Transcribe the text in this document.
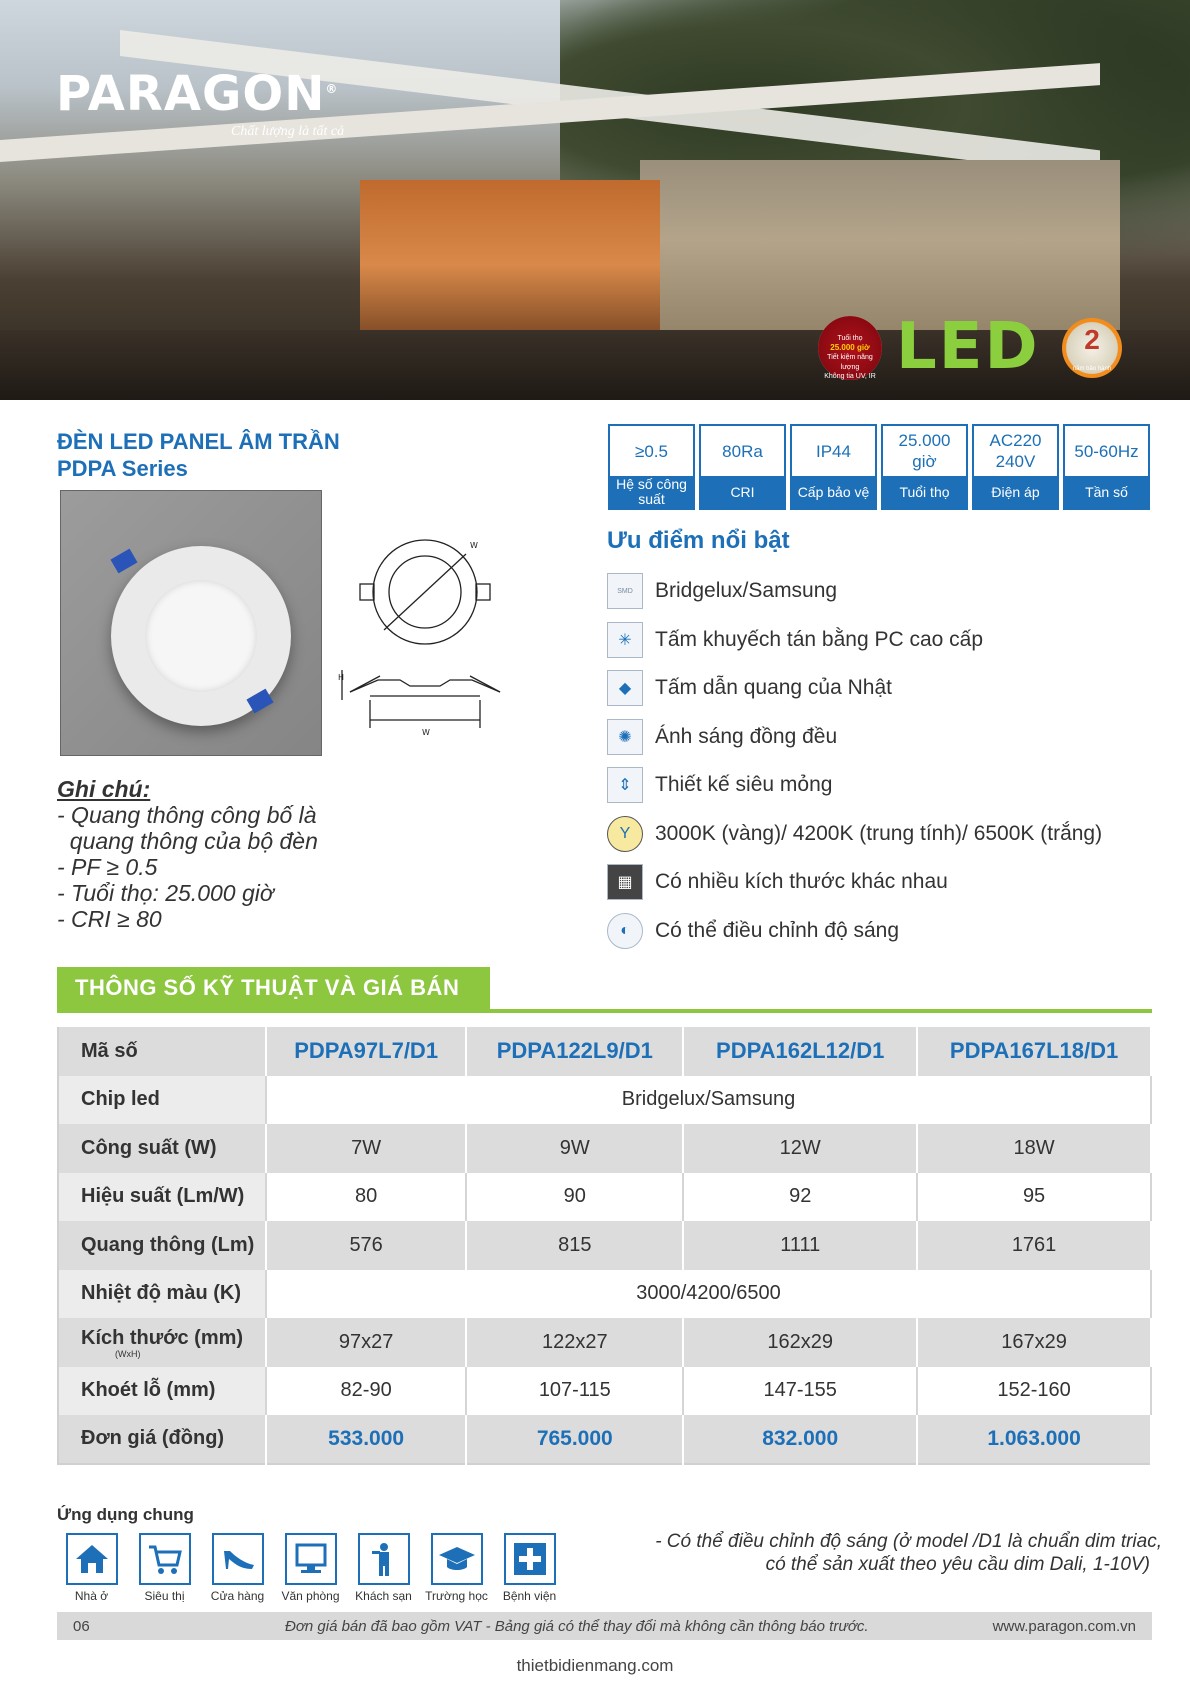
PARAGON®
Chất lượng là tất cả
Tuổi thọ
25.000 giờ
Tiết kiệm năng lượng
Không tia UV, IR LED	2
năm bảo hành
ĐÈN LED PANEL ÂM TRẦN
PDPA Series
≥0.5
Hệ số công suất
80Ra
CRI
IP44
Cấp bảo vệ
25.000 giờ
Tuổi thọ
AC220 240V
Điện áp
50-60Hz
Tần số
W
W
H
Ghi chú:
- Quang thông công bố là
quang thông của bộ đèn
- PF ≥ 0.5
- Tuổi thọ: 25.000 giờ
- CRI ≥ 80
Ưu điểm nổi bật
SMD Bridgelux/Samsung
✳	Tấm khuyếch tán bằng PC cao cấp
◆	Tấm dẫn quang của Nhật
✺	Ánh sáng đồng đều
⇕	Thiết kế siêu mỏng
Y	3000K (vàng)/ 4200K (trung tính)/ 6500K (trắng)
▦	Có nhiều kích thước khác nhau
◐	Có thể điều chỉnh độ sáng
THÔNG SỐ KỸ THUẬT VÀ GIÁ BÁN
Mã số	PDPA97L7/D1	PDPA122L9/D1	PDPA162L12/D1	PDPA167L18/D1
Chip led	Bridgelux/Samsung			
Công suất (W)	7W	9W	12W	18W
Hiệu suất (Lm/W)	80	90	92	95
Quang thông (Lm)	576	815	1111	1761
Nhiệt độ màu (K)	3000/4200/6500			
Kích thước (mm)
(WxH)	97x27	122x27	162x29	167x29
Khoét lỗ (mm)	82-90	107-115	147-155	152-160
Đơn giá (đồng)	533.000	765.000	832.000	1.063.000
Ứng dụng chung
Nhà ở	Siêu thị	Cửa hàng	Văn phòng	Khách sạn	Trường học	Bệnh viện
- Có thể điều chỉnh độ sáng (ở model /D1 là chuẩn dim triac,
có thể sản xuất theo yêu cầu dim Dali, 1-10V)
06	Đơn giá bán đã bao gồm VAT - Bảng giá có thể thay đổi mà không cần thông báo trước.	www.paragon.com.vn
thietbidienmang.com
